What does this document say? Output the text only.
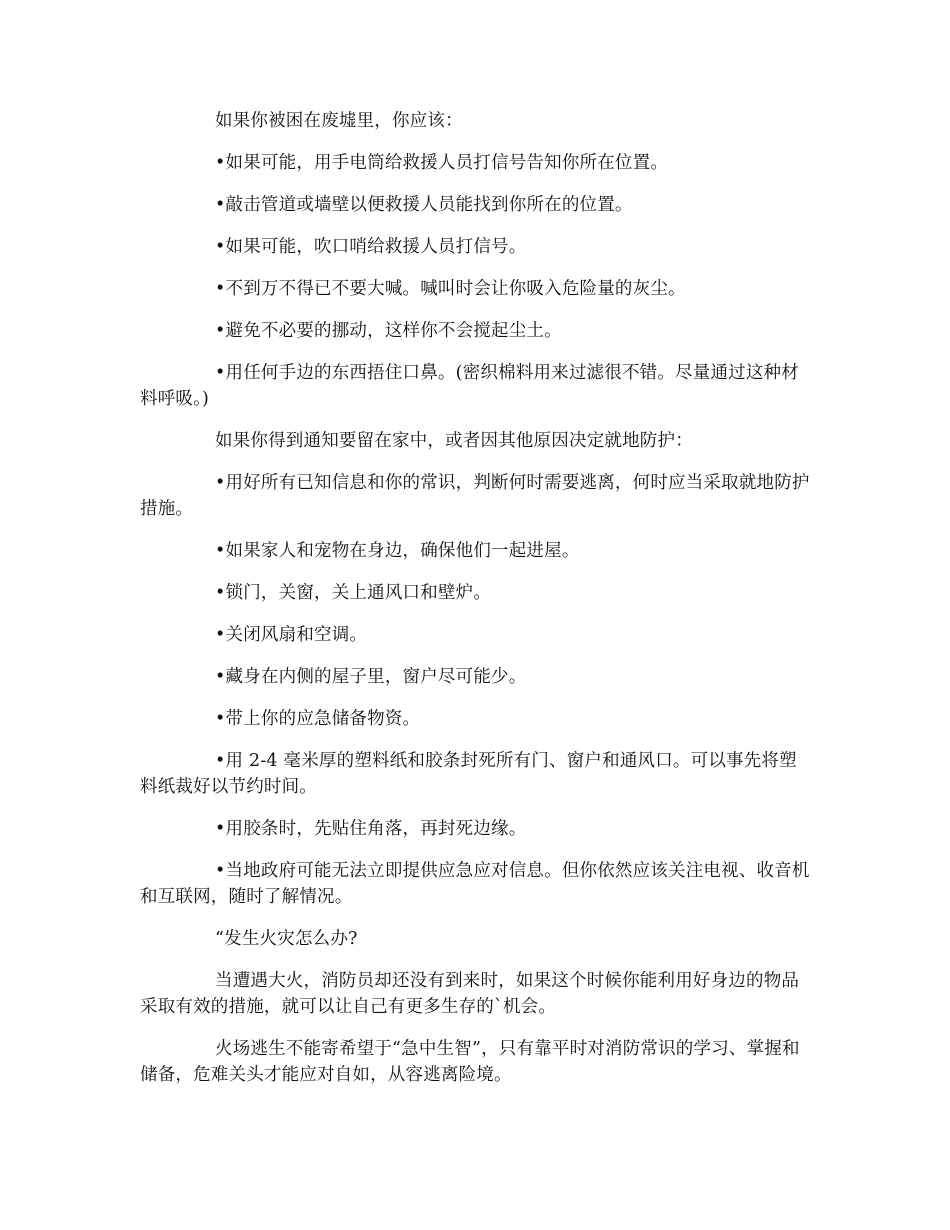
如果你被困在废墟里，你应该：

•如果可能，用手电筒给救援人员打信号告知你所在位置。

•敲击管道或墙壁以便救援人员能找到你所在的位置。

•如果可能，吹口哨给救援人员打信号。

•不到万不得已不要大喊。喊叫时会让你吸入危险量的灰尘。

•避免不必要的挪动，这样你不会搅起尘土。

•用任何手边的东西捂住口鼻。(密织棉料用来过滤很不错。尽量通过这种材料呼吸。)

如果你得到通知要留在家中，或者因其他原因决定就地防护：

•用好所有已知信息和你的常识，判断何时需要逃离，何时应当采取就地防护措施。

•如果家人和宠物在身边，确保他们一起进屋。

•锁门，关窗，关上通风口和壁炉。

•关闭风扇和空调。

•藏身在内侧的屋子里，窗户尽可能少。

•带上你的应急储备物资。

•用 2-4 毫米厚的塑料纸和胶条封死所有门、窗户和通风口。可以事先将塑料纸裁好以节约时间。

•用胶条时，先贴住角落，再封死边缘。

•当地政府可能无法立即提供应急应对信息。但你依然应该关注电视、收音机和互联网，随时了解情况。

“发生火灾怎么办?

当遭遇大火，消防员却还没有到来时，如果这个时候你能利用好身边的物品采取有效的措施，就可以让自己有更多生存的`机会。

火场逃生不能寄希望于“急中生智”，只有靠平时对消防常识的学习、掌握和储备，危难关头才能应对自如，从容逃离险境。
